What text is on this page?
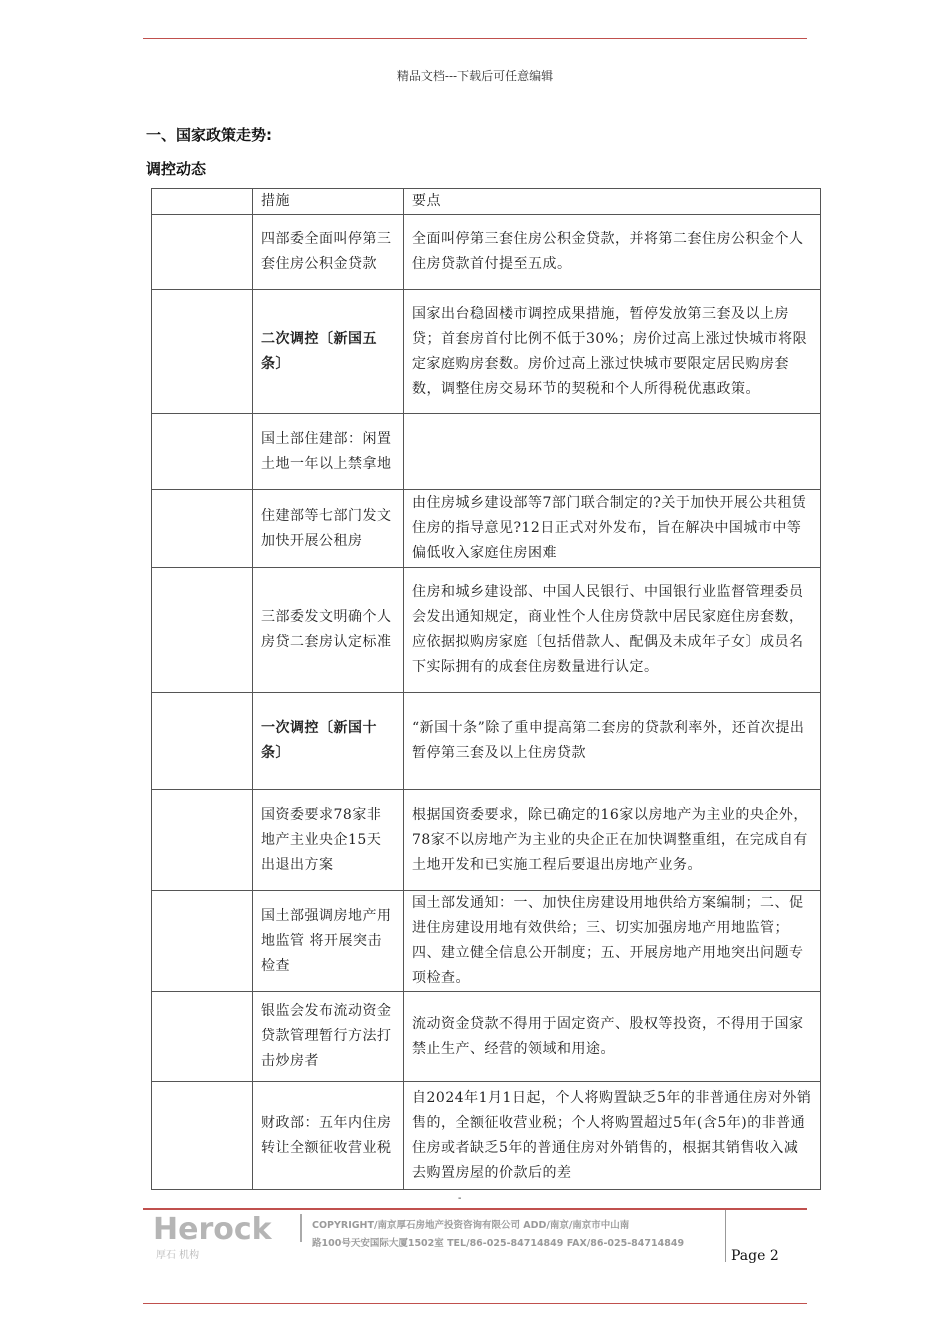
精品文档---下载后可任意编辑
一、国家政策走势:
调控动态
	措施	要点
	四部委全面叫停第三套住房公积金贷款	全面叫停第三套住房公积金贷款，并将第二套住房公积金个人住房贷款首付提至五成。
	二次调控〔新国五条〕	国家出台稳固楼市调控成果措施，暂停发放第三套及以上房贷；首套房首付比例不低于30%；房价过高上涨过快城市将限定家庭购房套数。房价过高上涨过快城市要限定居民购房套数，调整住房交易环节的契税和个人所得税优惠政策。
	国土部住建部：闲置土地一年以上禁拿地	
	住建部等七部门发文 加快开展公租房	由住房城乡建设部等7部门联合制定的?关于加快开展公共租赁住房的指导意见?12日正式对外发布，旨在解决中国城市中等偏低收入家庭住房困难
	三部委发文明确个人房贷二套房认定标准	住房和城乡建设部、中国人民银行、中国银行业监督管理委员会发出通知规定，商业性个人住房贷款中居民家庭住房套数，应依据拟购房家庭〔包括借款人、配偶及未成年子女〕成员名下实际拥有的成套住房数量进行认定。
	一次调控〔新国十条〕	“新国十条”除了重申提高第二套房的贷款利率外，还首次提出暂停第三套及以上住房贷款
	国资委要求78家非地产主业央企15天出退出方案	根据国资委要求，除已确定的16家以房地产为主业的央企外，78家不以房地产为主业的央企正在加快调整重组，在完成自有土地开发和已实施工程后要退出房地产业务。
	国土部强调房地产用地监管 将开展突击检查	国土部发通知：一、加快住房建设用地供给方案编制；二、促进住房建设用地有效供给；三、切实加强房地产用地监管；四、建立健全信息公开制度；五、开展房地产用地突出问题专项检查。
	银监会发布流动资金贷款管理暂行方法打击炒房者	流动资金贷款不得用于固定资产、股权等投资，不得用于国家禁止生产、经营的领域和用途。
	财政部：五年内住房转让全额征收营业税	自2024年1月1日起，个人将购置缺乏5年的非普通住房对外销售的，全额征收营业税；个人将购置超过5年(含5年)的非普通住房或者缺乏5年的普通住房对外销售的，根据其销售收入减去购置房屋的价款后的差
-
Herock
厚石 机构
COPYRIGHT/南京厚石房地产投资咨询有限公司 ADD/南京/南京市中山南
路100号天安国际大厦1502室 TEL/86-025-84714849 FAX/86-025-84714849
Page 2
